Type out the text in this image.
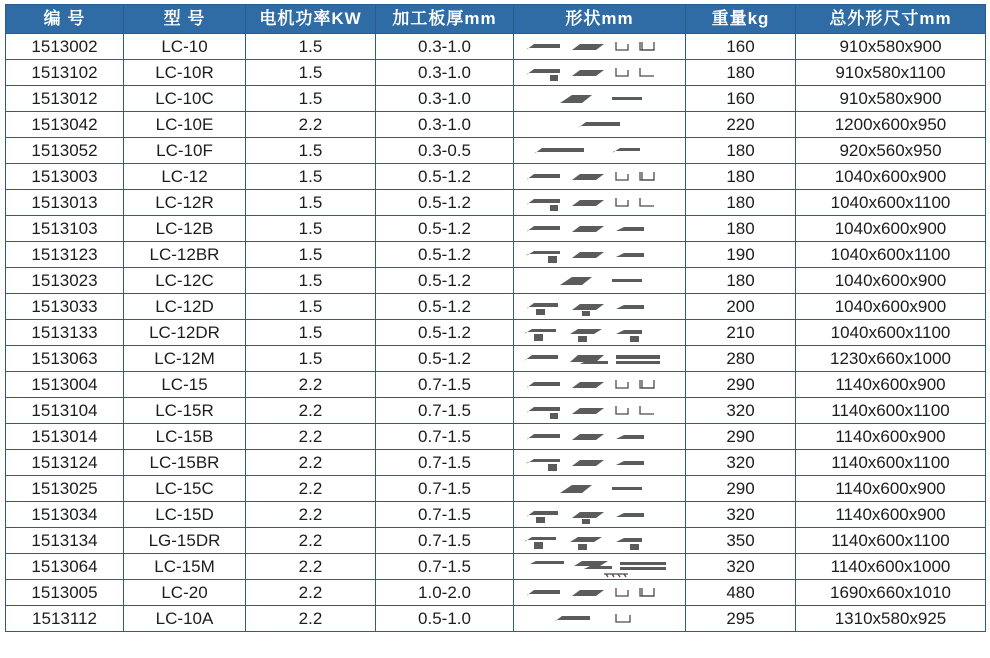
编 号	型 号	电机功率KW	加工板厚mm	形状mm	重量kg	总外形尺寸mm
1513002	LC-10	1.5	0.3-1.0		160	910x580x900
1513102	LC-10R	1.5	0.3-1.0		180	910x580x1100
1513012	LC-10C	1.5	0.3-1.0		160	910x580x900
1513042	LC-10E	2.2	0.3-1.0		220	1200x600x950
1513052	LC-10F	1.5	0.3-0.5		180	920x560x950
1513003	LC-12	1.5	0.5-1.2		180	1040x600x900
1513013	LC-12R	1.5	0.5-1.2		180	1040x600x1100
1513103	LC-12B	1.5	0.5-1.2		180	1040x600x900
1513123	LC-12BR	1.5	0.5-1.2		190	1040x600x1100
1513023	LC-12C	1.5	0.5-1.2		180	1040x600x900
1513033	LC-12D	1.5	0.5-1.2		200	1040x600x900
1513133	LC-12DR	1.5	0.5-1.2		210	1040x600x1100
1513063	LC-12M	1.5	0.5-1.2		280	1230x660x1000
1513004	LC-15	2.2	0.7-1.5		290	1140x600x900
1513104	LC-15R	2.2	0.7-1.5		320	1140x600x1100
1513014	LC-15B	2.2	0.7-1.5		290	1140x600x900
1513124	LC-15BR	2.2	0.7-1.5		320	1140x600x1100
1513025	LC-15C	2.2	0.7-1.5		290	1140x600x900
1513034	LC-15D	2.2	0.7-1.5		320	1140x600x900
1513134	LG-15DR	2.2	0.7-1.5		350	1140x600x1100
1513064	LC-15M	2.2	0.7-1.5		320	1140x600x1000
1513005	LC-20	2.2	1.0-2.0		480	1690x660x1010
1513112	LC-10A	2.2	0.5-1.0		295	1310x580x925
